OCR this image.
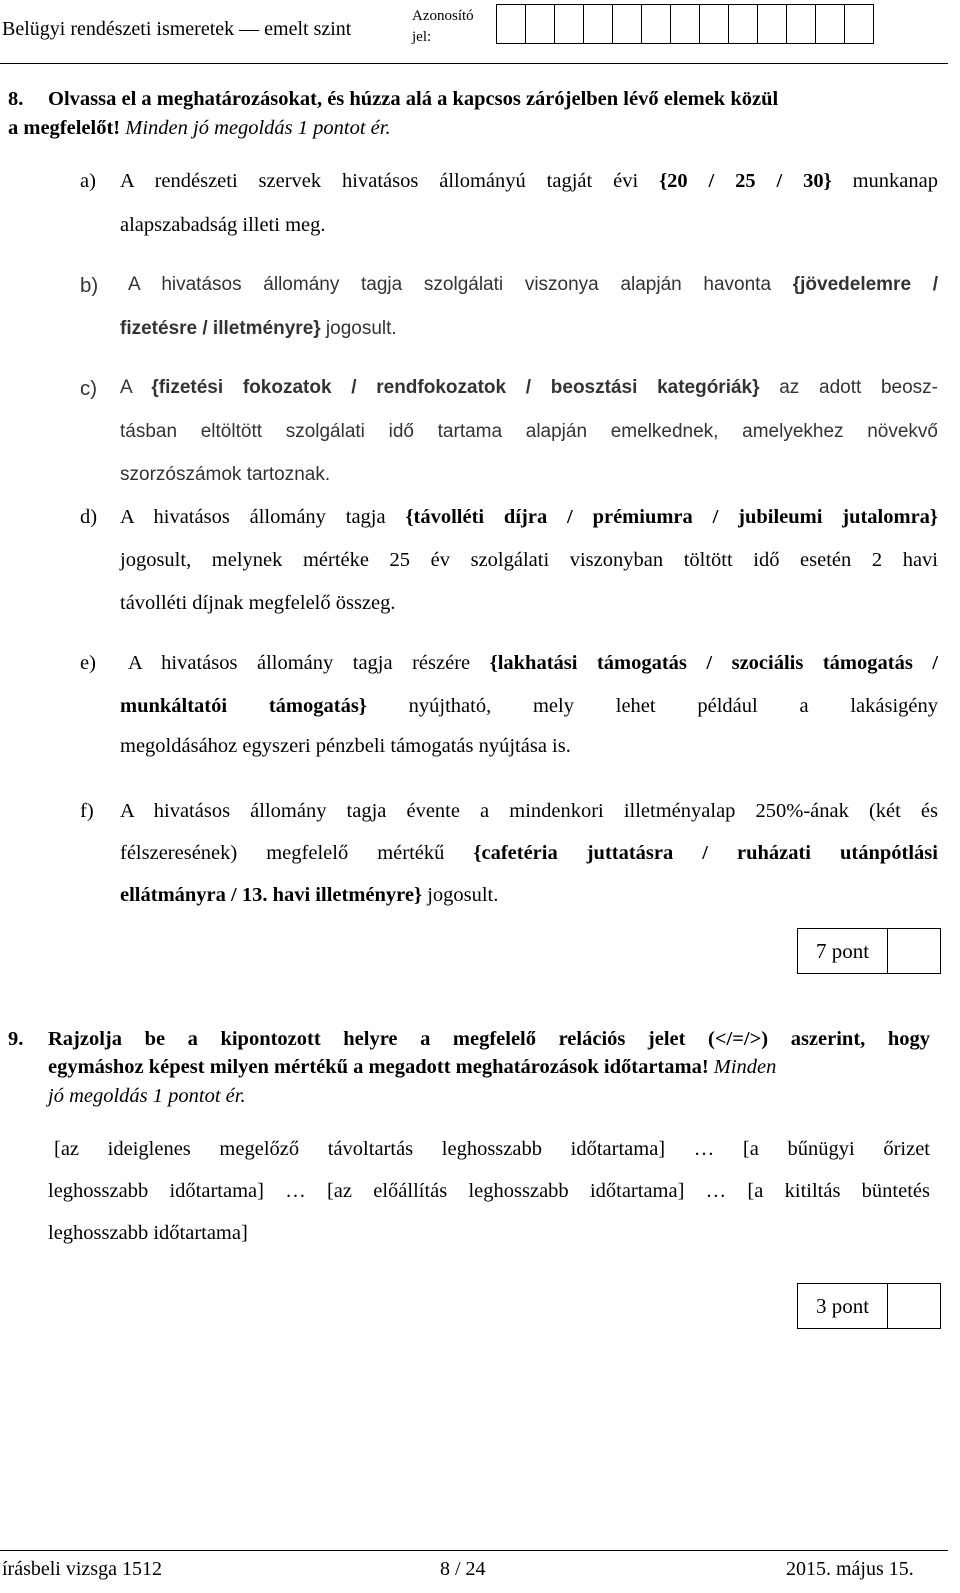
Belügyi rendészeti ismeretek — emelt szint
Azonosító
jel:
8. Olvassa el a meghatározásokat, és húzza alá a kapcsos zárójelben lévő elemek közül
a megfelelőt! Minden jó megoldás 1 pontot ér.
a) A rendészeti szervek hivatásos állományú tagját évi {20 / 25 / 30} munkanap
alapszabadság illeti meg.
b) A hivatásos állomány tagja szolgálati viszonya alapján havonta {jövedelemre /
fizetésre / illetményre} jogosult.
c) A {fizetési fokozatok / rendfokozatok / beosztási kategóriák} az adott beosz-
tásban eltöltött szolgálati idő tartama alapján emelkednek, amelyekhez növekvő
szorzószámok tartoznak.
d) A hivatásos állomány tagja {távolléti díjra / prémiumra / jubileumi jutalomra}
jogosult, melynek mértéke 25 év szolgálati viszonyban töltött idő esetén 2 havi
távolléti díjnak megfelelő összeg.
e) A hivatásos állomány tagja részére {lakhatási támogatás / szociális támogatás /
munkáltatói támogatás} nyújtható, mely lehet például a lakásigény
megoldásához egyszeri pénzbeli támogatás nyújtása is.
f) A hivatásos állomány tagja évente a mindenkori illetményalap 250%-ának (két és
félszeresének) megfelelő mértékű {cafetéria juttatásra / ruházati utánpótlási
ellátmányra / 13. havi illetményre} jogosult.
7 pont
9. Rajzolja be a kipontozott helyre a megfelelő relációs jelet (</=/>) aszerint, hogy
egymáshoz képest milyen mértékű a megadott meghatározások időtartama! Minden
jó megoldás 1 pontot ér.
[az ideiglenes megelőző távoltartás leghosszabb időtartama] … [a bűnügyi őrizet
leghosszabb időtartama] … [az előállítás leghosszabb időtartama] … [a kitiltás büntetés
leghosszabb időtartama]
3 pont
írásbeli vizsga 1512	8 / 24	2015. május 15.
